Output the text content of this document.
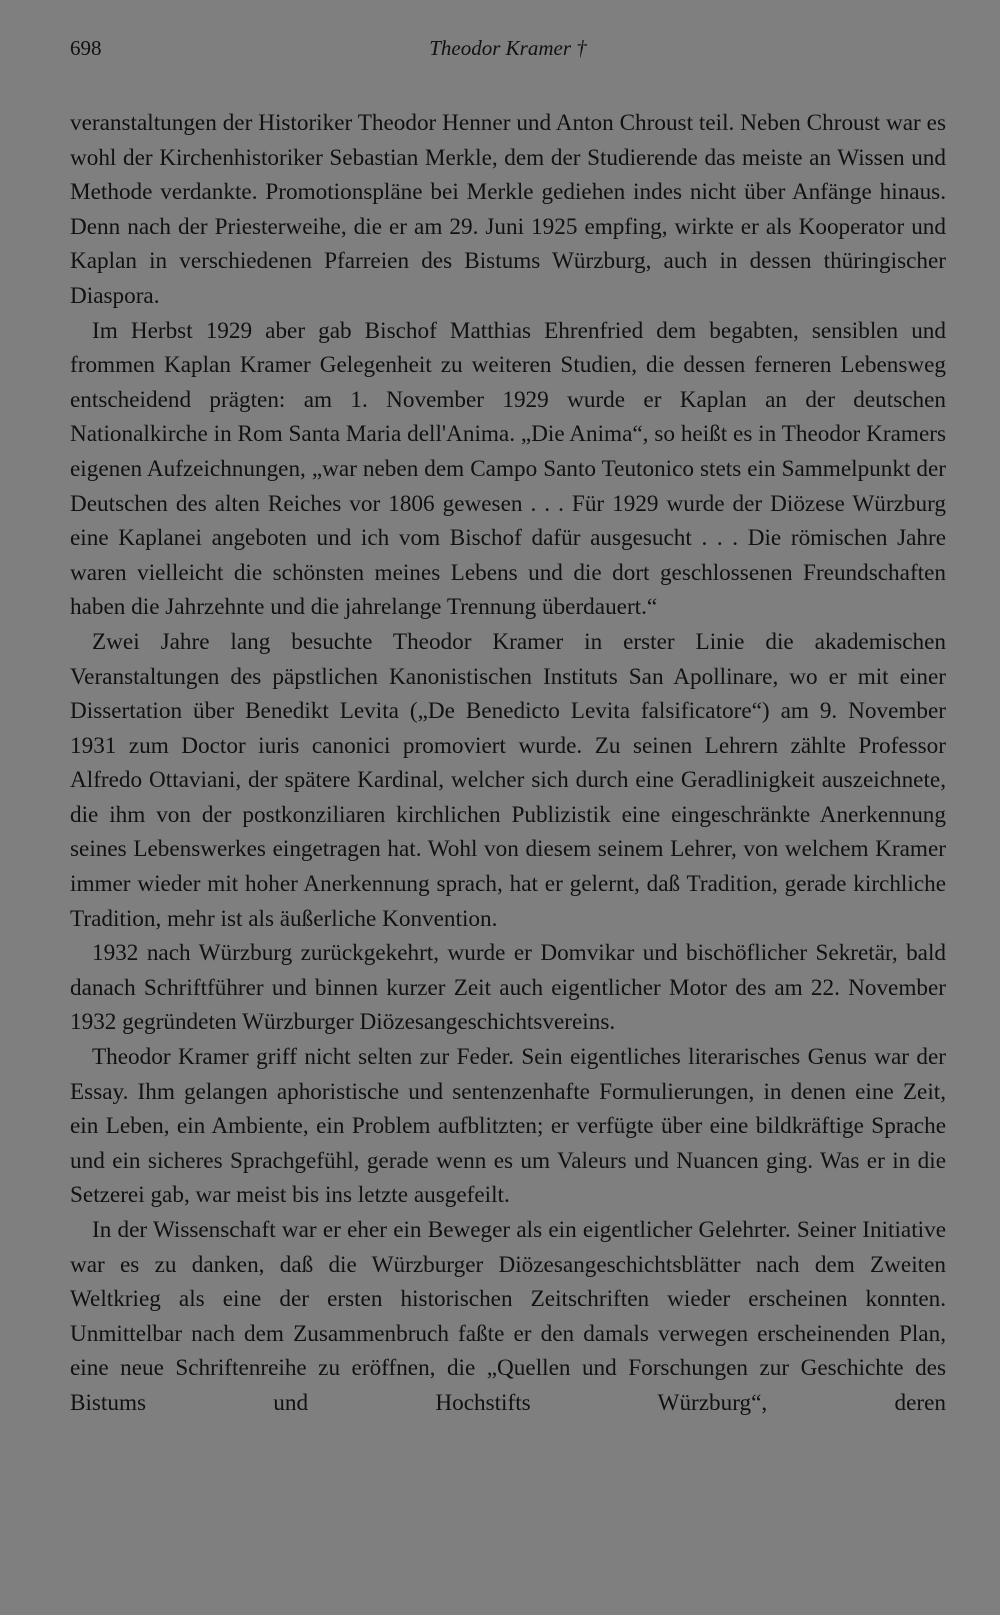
698	Theodor Kramer †

veranstaltungen der Historiker Theodor Henner und Anton Chroust teil. Neben Chroust war es wohl der Kirchenhistoriker Sebastian Merkle, dem der Studierende das meiste an Wissen und Methode verdankte. Promotionspläne bei Merkle gediehen indes nicht über Anfänge hinaus. Denn nach der Priesterweihe, die er am 29. Juni 1925 empfing, wirkte er als Kooperator und Kaplan in verschiedenen Pfarreien des Bistums Würzburg, auch in dessen thüringischer Diaspora.

Im Herbst 1929 aber gab Bischof Matthias Ehrenfried dem begabten, sensiblen und frommen Kaplan Kramer Gelegenheit zu weiteren Studien, die dessen ferneren Lebensweg entscheidend prägten: am 1. November 1929 wurde er Kaplan an der deutschen Nationalkirche in Rom Santa Maria dell'Anima. „Die Anima“, so heißt es in Theodor Kramers eigenen Aufzeichnungen, „war neben dem Campo Santo Teutonico stets ein Sammelpunkt der Deutschen des alten Reiches vor 1806 gewesen . . . Für 1929 wurde der Diözese Würzburg eine Kaplanei angeboten und ich vom Bischof dafür ausgesucht . . . Die römischen Jahre waren vielleicht die schönsten meines Lebens und die dort geschlossenen Freundschaften haben die Jahrzehnte und die jahrelange Trennung überdauert.“

Zwei Jahre lang besuchte Theodor Kramer in erster Linie die akademischen Veranstaltungen des päpstlichen Kanonistischen Instituts San Apollinare, wo er mit einer Dissertation über Benedikt Levita („De Benedicto Levita falsificatore“) am 9. November 1931 zum Doctor iuris canonici promoviert wurde. Zu seinen Lehrern zählte Professor Alfredo Ottaviani, der spätere Kardinal, welcher sich durch eine Geradlinigkeit auszeichnete, die ihm von der postkonziliaren kirchlichen Publizistik eine eingeschränkte Anerkennung seines Lebenswerkes eingetragen hat. Wohl von diesem seinem Lehrer, von welchem Kramer immer wieder mit hoher Anerkennung sprach, hat er gelernt, daß Tradition, gerade kirchliche Tradition, mehr ist als äußerliche Konvention.

1932 nach Würzburg zurückgekehrt, wurde er Domvikar und bischöflicher Sekretär, bald danach Schriftführer und binnen kurzer Zeit auch eigentlicher Motor des am 22. November 1932 gegründeten Würzburger Diözesangeschichtsvereins.

Theodor Kramer griff nicht selten zur Feder. Sein eigentliches literarisches Genus war der Essay. Ihm gelangen aphoristische und sentenzenhafte Formulierungen, in denen eine Zeit, ein Leben, ein Ambiente, ein Problem aufblitzten; er verfügte über eine bildkräftige Sprache und ein sicheres Sprachgefühl, gerade wenn es um Valeurs und Nuancen ging. Was er in die Setzerei gab, war meist bis ins letzte ausgefeilt.

In der Wissenschaft war er eher ein Beweger als ein eigentlicher Gelehrter. Seiner Initiative war es zu danken, daß die Würzburger Diözesangeschichtsblätter nach dem Zweiten Weltkrieg als eine der ersten historischen Zeitschriften wieder erscheinen konnten. Unmittelbar nach dem Zusammenbruch faßte er den damals verwegen erscheinenden Plan, eine neue Schriftenreihe zu eröffnen, die „Quellen und Forschungen zur Geschichte des Bistums und Hochstifts Würzburg“, deren
